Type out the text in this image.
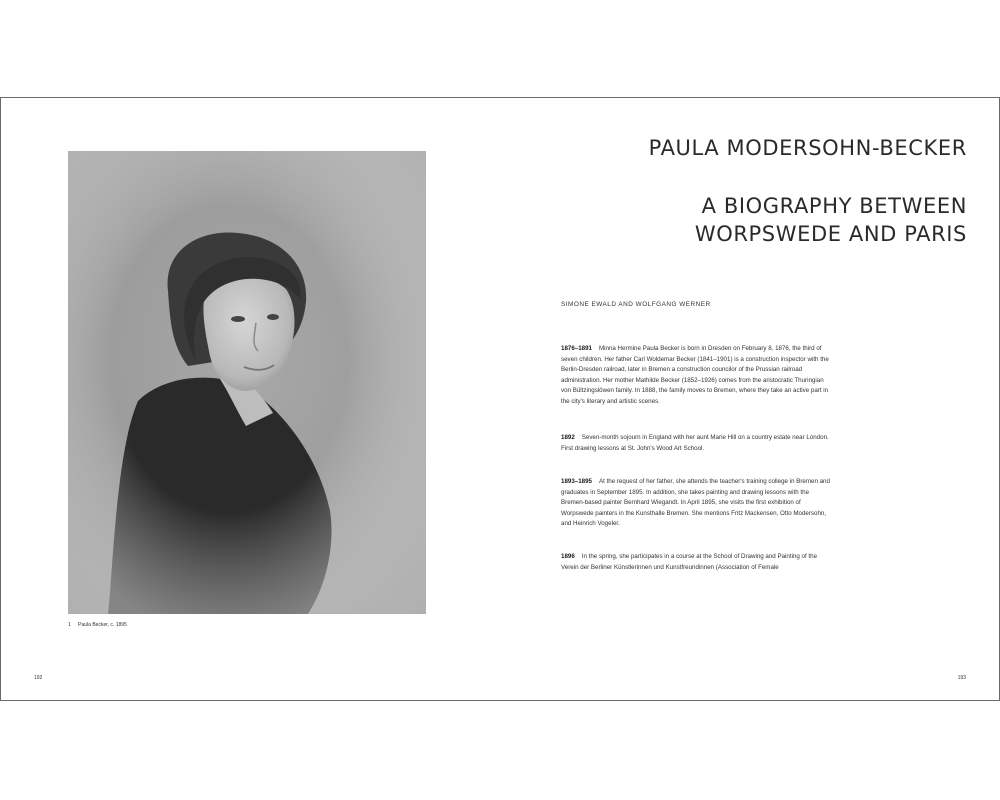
1 Paula Becker, c. 1895
192	193
PAULA MODERSOHN-BECKER
A BIOGRAPHY BETWEEN
WORPSWEDE AND PARIS
SIMONE EWALD AND WOLFGANG WERNER

1876–1891 Minna Hermine Paula Becker is born in Dresden on February 8, 1876, the third of seven children. Her father Carl Woldemar Becker (1841–1901) is a construction inspector with the Berlin-Dresden railroad, later in Bremen a construction councilor of the Prussian railroad administration. Her mother Mathilde Becker (1852–1926) comes from the aristocratic Thuringian von Bültzingslöwen family. In 1888, the family moves to Bremen, where they take an active part in the city's literary and artistic scenes.

1892 Seven-month sojourn in England with her aunt Marie Hill on a country estate near London. First drawing lessons at St. John's Wood Art School.

1893–1895 At the request of her father, she attends the teacher's training college in Bremen and graduates in September 1895. In addition, she takes painting and drawing lessons with the Bremen-based painter Bernhard Wiegandt. In April 1895, she visits the first exhibition of Worpswede painters in the Kunsthalle Bremen. She mentions Fritz Mackensen, Otto Modersohn, and Heinrich Vogeler.

1896 In the spring, she participates in a course at the School of Drawing and Painting of the Verein der Berliner Künstlerinnen und Kunstfreundinnen (Association of Female
